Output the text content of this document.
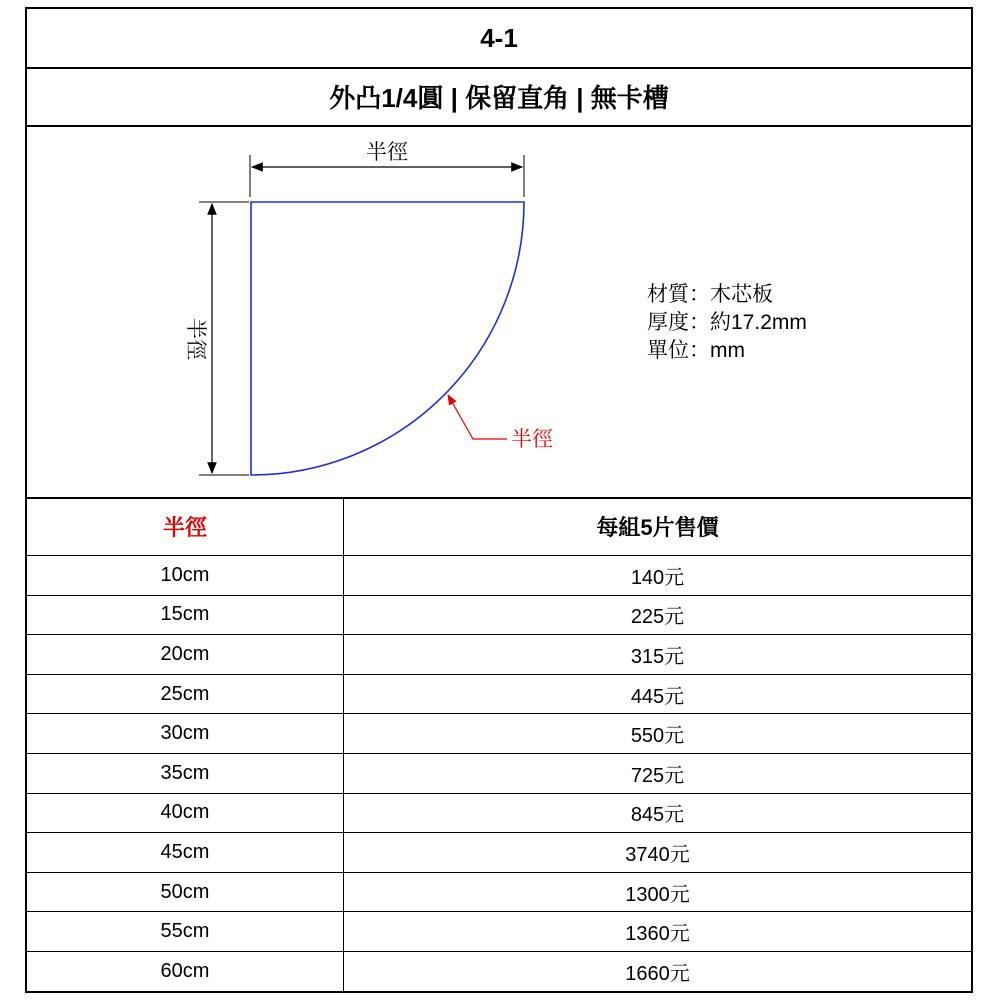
4-1
外凸1/4圓 | 保留直角 | 無卡槽
半徑
半徑
半徑
材質：木芯板
厚度：約17.2mm
單位：mm
半徑	每組5片售價
10cm	140元
15cm	225元
20cm	315元
25cm	445元
30cm	550元
35cm	725元
40cm	845元
45cm	3740元
50cm	1300元
55cm	1360元
60cm	1660元
